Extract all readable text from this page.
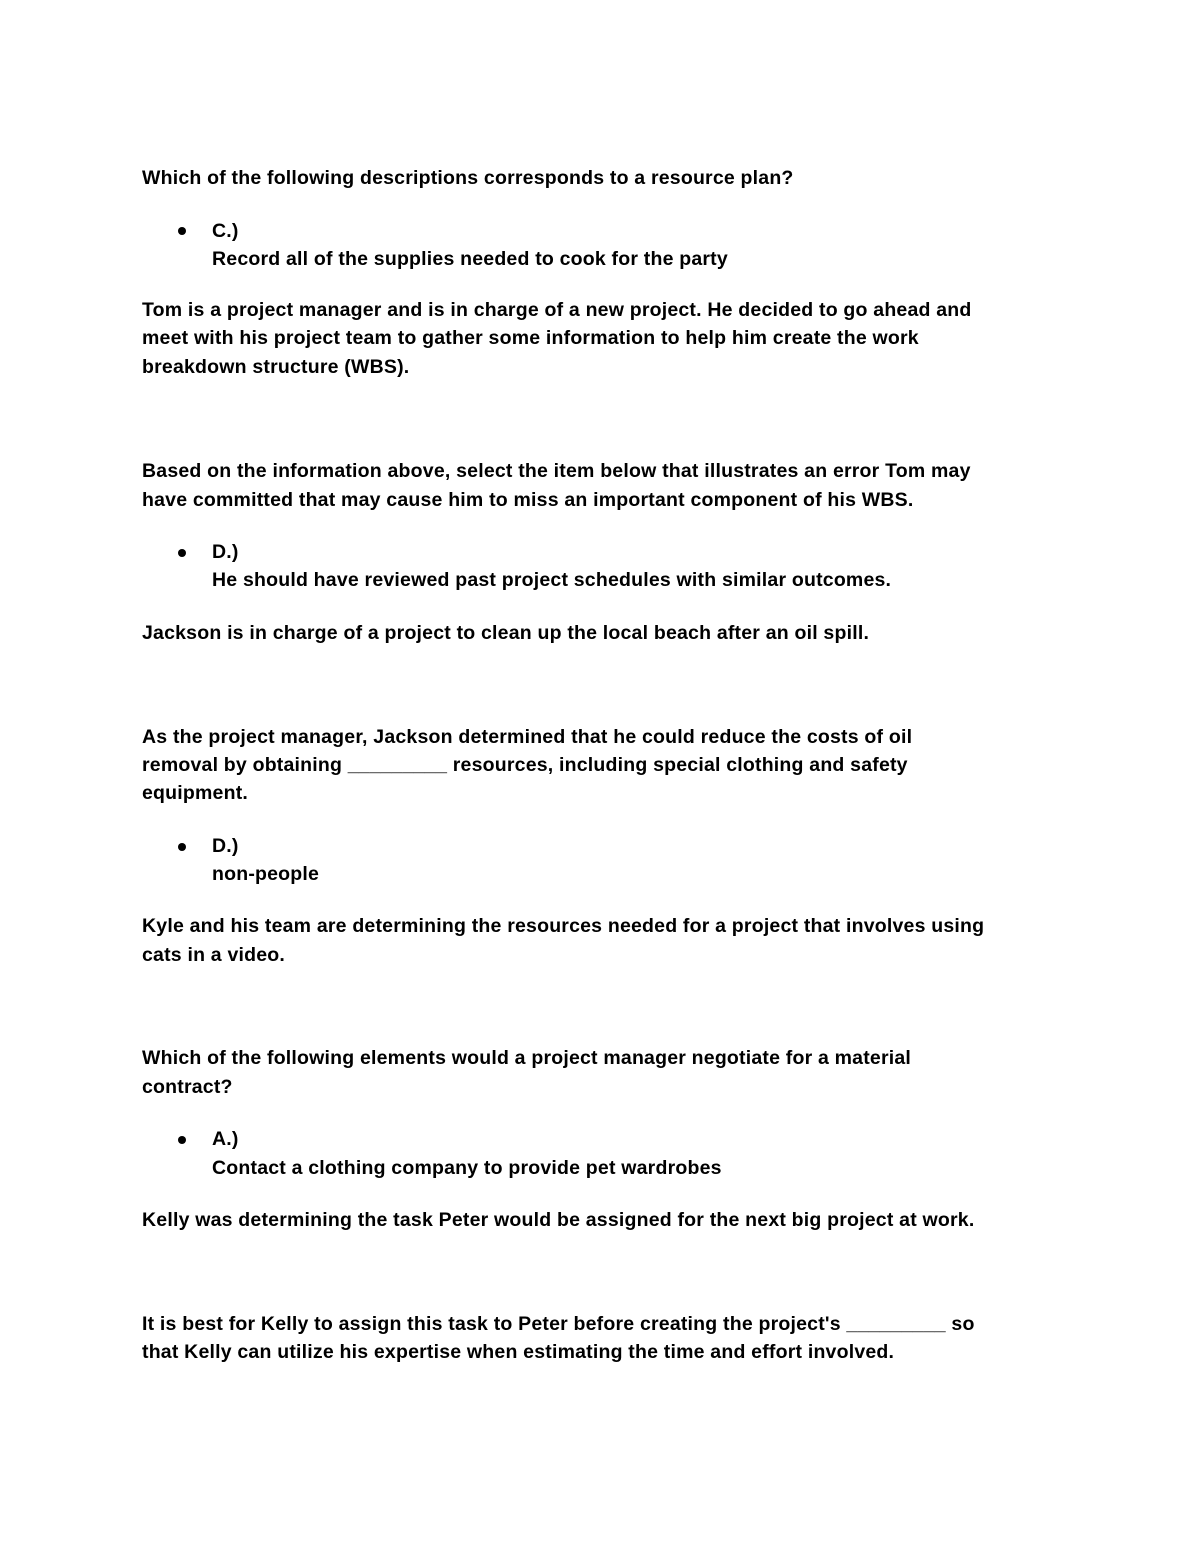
Which of the following descriptions corresponds to a resource plan?
C.)
Record all of the supplies needed to cook for the party
Tom is a project manager and is in charge of a new project. He decided to go ahead and
meet with his project team to gather some information to help him create the work
breakdown structure (WBS).
Based on the information above, select the item below that illustrates an error Tom may
have committed that may cause him to miss an important component of his WBS.
D.)
He should have reviewed past project schedules with similar outcomes.
Jackson is in charge of a project to clean up the local beach after an oil spill.
As the project manager, Jackson determined that he could reduce the costs of oil
removal by obtaining _________ resources, including special clothing and safety
equipment.
D.)
non-people
Kyle and his team are determining the resources needed for a project that involves using
cats in a video.
Which of the following elements would a project manager negotiate for a material
contract?
A.)
Contact a clothing company to provide pet wardrobes
Kelly was determining the task Peter would be assigned for the next big project at work.
It is best for Kelly to assign this task to Peter before creating the project's _________ so
that Kelly can utilize his expertise when estimating the time and effort involved.
